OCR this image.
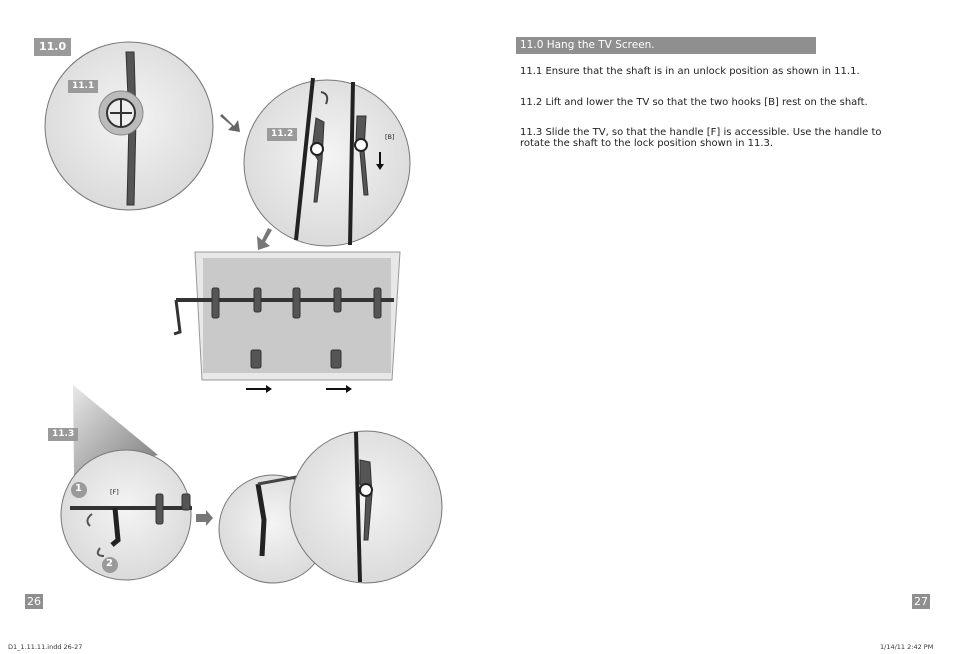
11.0
11.1
11.2
11.3
[B]
[F]
1
2
26
11.0 Hang the TV Screen.
11.1 Ensure that the shaft is in an unlock position as shown in 11.1.
11.2 Lift and lower the TV so that the two hooks [B] rest on the shaft.
11.3 Slide the TV, so that the handle [F] is accessible. Use the handle to rotate the shaft to the lock position shown in 11.3.
27
D1_1.11.11.indd 26-27	1/14/11 2:42 PM
